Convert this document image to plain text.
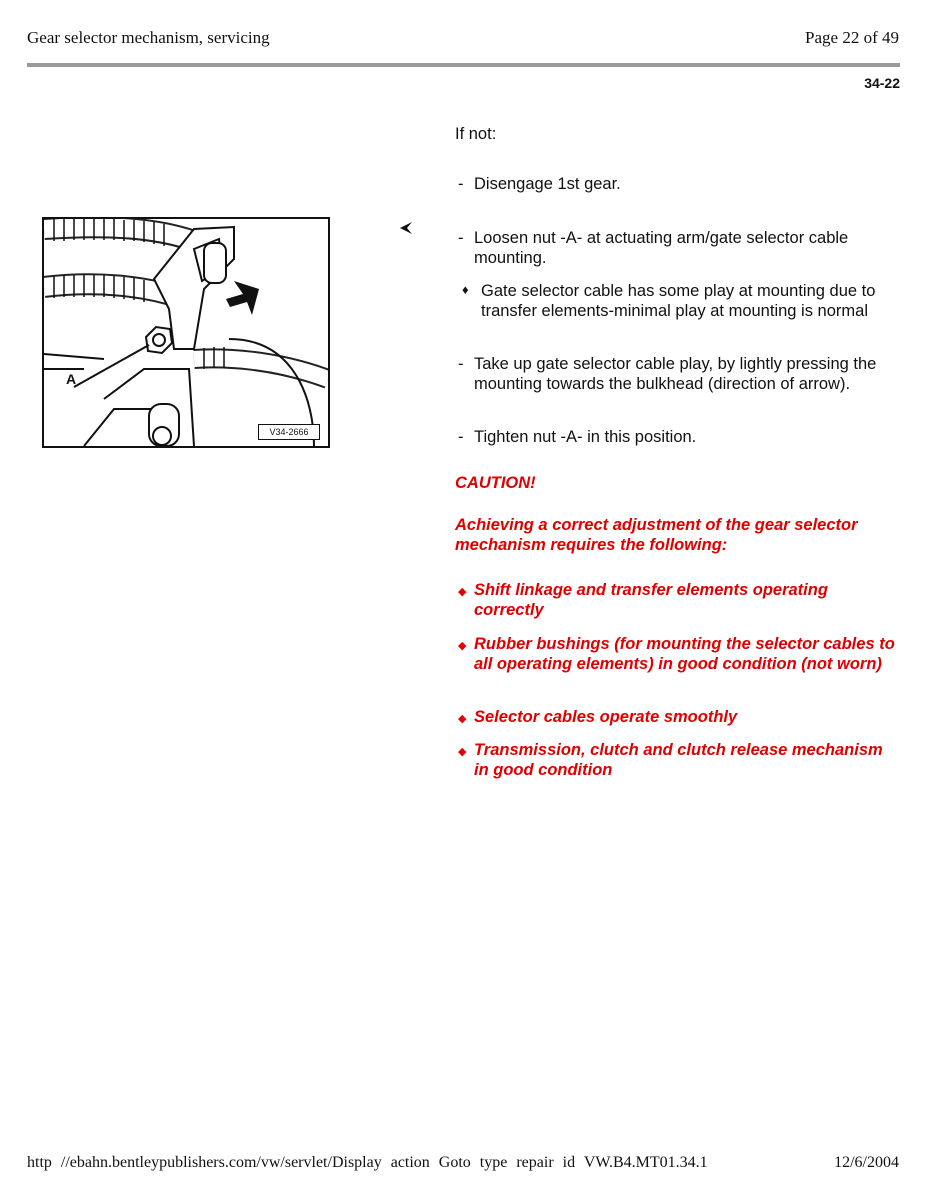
Gear selector mechanism, servicing	Page 22 of 49
34-22
A
V34-2666
If not:
- Disengage 1st gear.
- Loosen nut -A- at actuating arm/gate selector cable mounting.
♦ Gate selector cable has some play at mounting due to transfer elements-minimal play at mounting is normal
- Take up gate selector cable play, by lightly pressing the mounting towards the bulkhead (direction of arrow).
- Tighten nut -A- in this position.
CAUTION!
Achieving a correct adjustment of the gear selector mechanism requires the following:
◆ Shift linkage and transfer elements operating correctly
◆ Rubber bushings (for mounting the selector cables to all operating elements) in good condition (not worn)
◆ Selector cables operate smoothly
◆ Transmission, clutch and clutch release mechanism in good condition
http //ebahn.bentleypublishers.com/vw/servlet/Display action Goto type repair id VW.B4.MT01.34.1	12/6/2004
